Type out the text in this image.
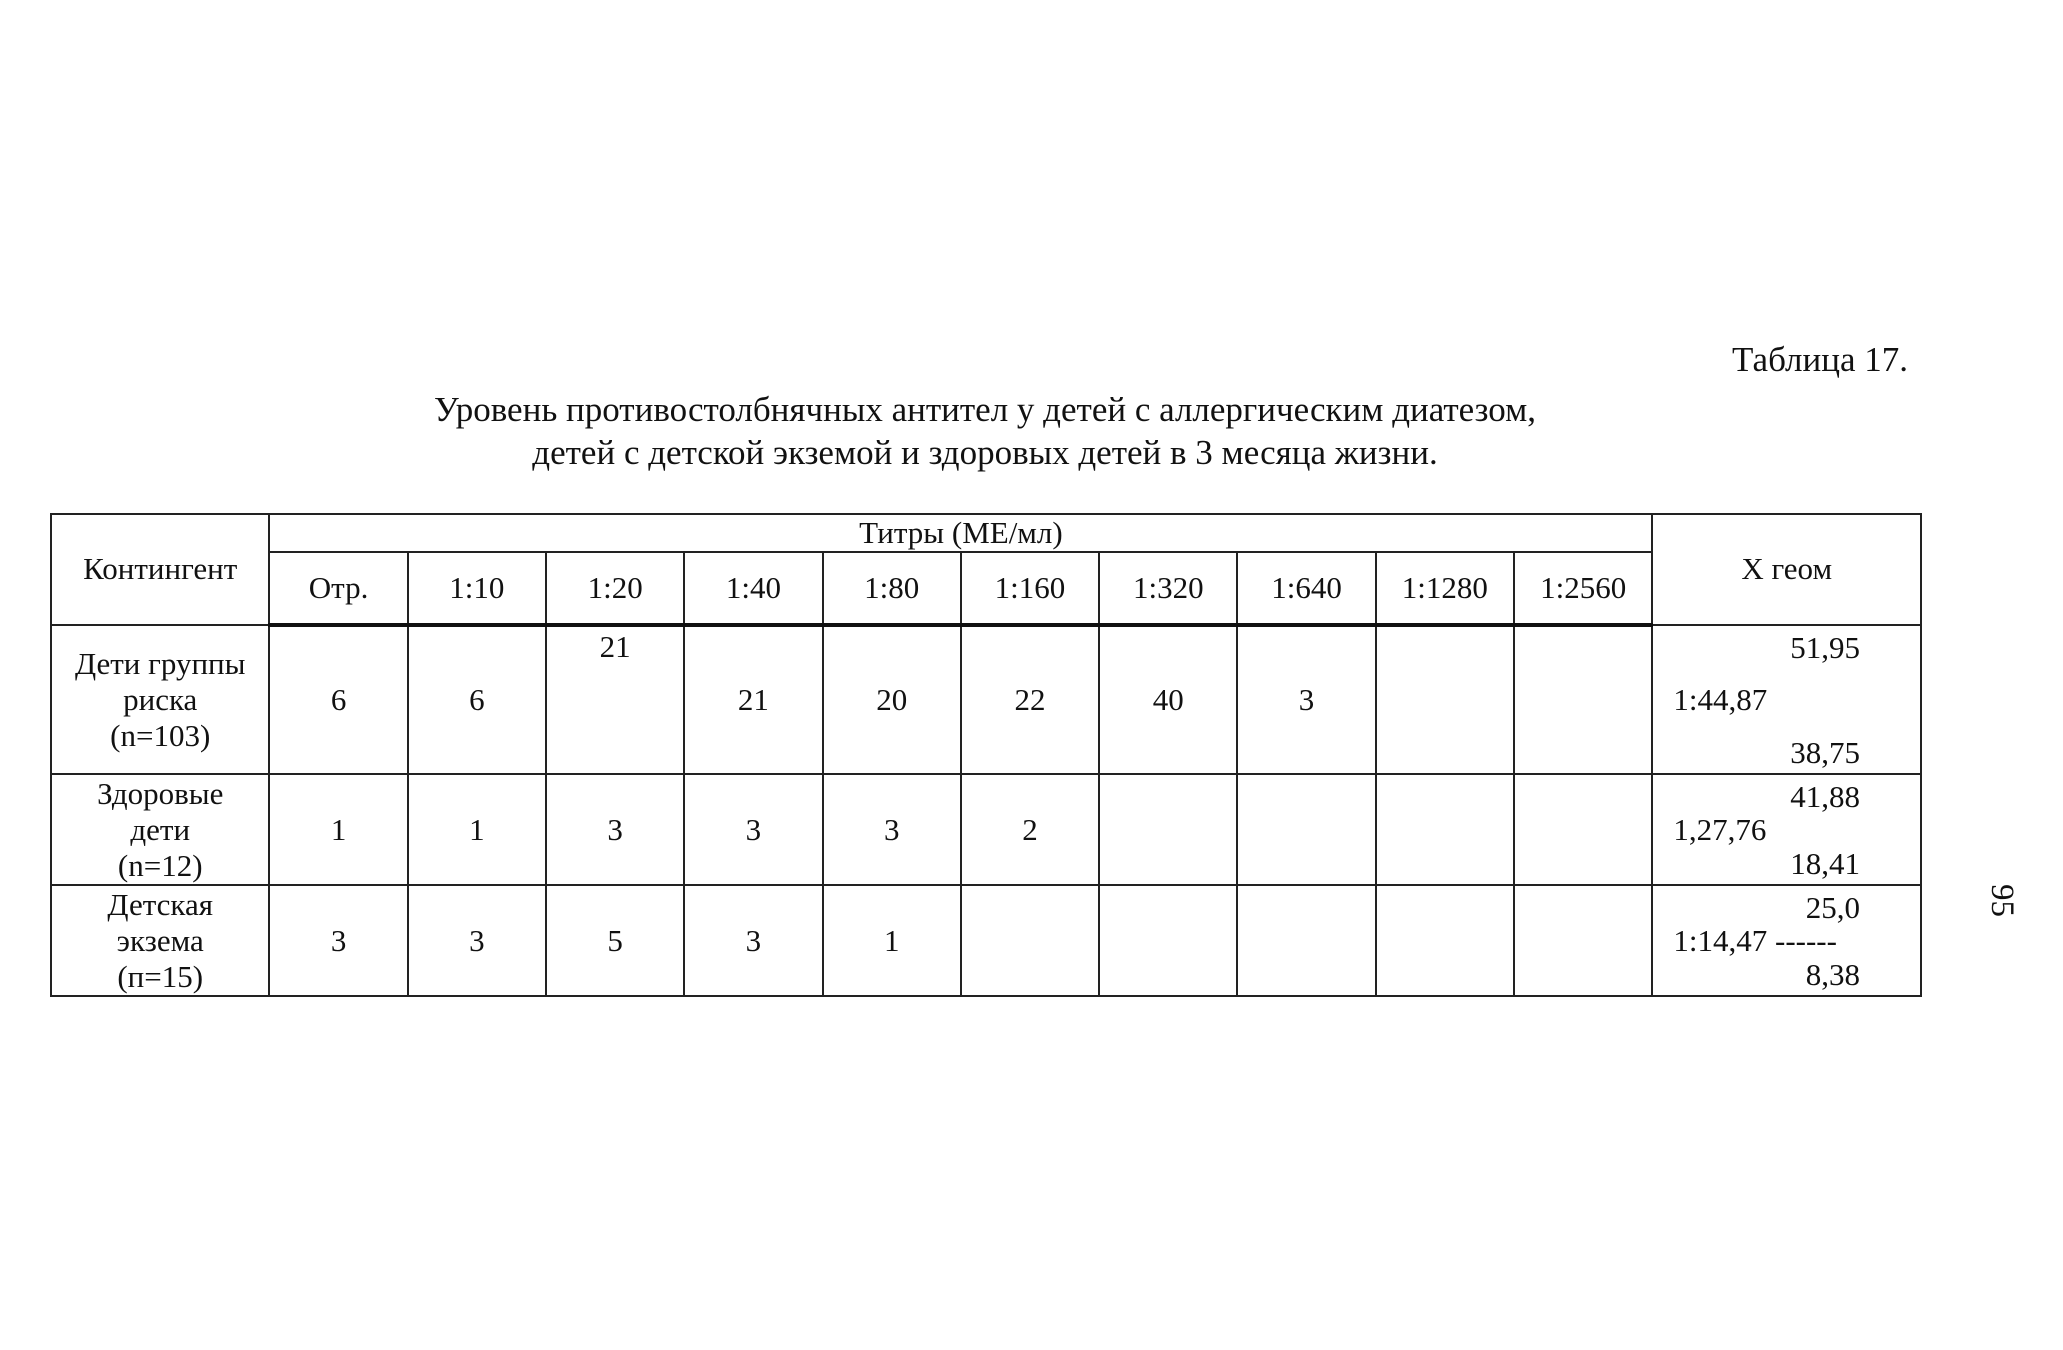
Таблица 17.
Уровень противостолбнячных антител у детей с аллергическим диатезом,
детей с детской экземой и здоровых детей в 3 месяца жизни.
Контингент	Титры (МЕ/мл)										Х геом
	Отр.	1:10	1:20	1:40	1:80	1:160	1:320	1:640	1:1280	1:2560	

Дети группы
риска
(n=103)	6	6	21	21	20	22	40	3			51,95
1:44,87
38,75

Здоровые
дети
(n=12)	1	1	3	3	3	2					41,88
1,27,76
18,41

Детская
экзема
(п=15)	3	3	5	3	1						25,0
1:14,47 ------
8,38
95
